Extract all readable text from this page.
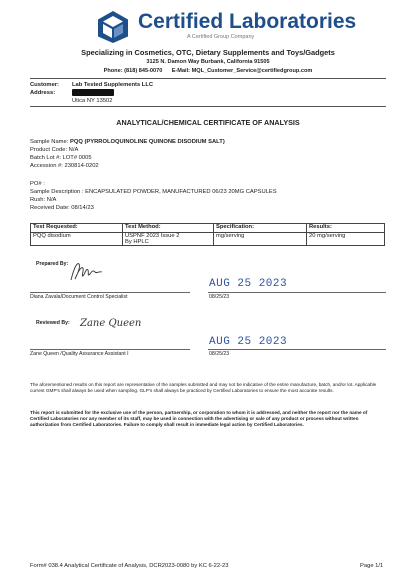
Certified Laboratories
A Certified Group Company
Specializing in Cosmetics, OTC, Dietary Supplements and Toys/Gadgets
3125 N. Damon Way Burbank, California 91505
Phone: (818) 845-0070      E-Mail: MQL_Customer_Service@certifiedgroup.com
Customer: Lab Tested Supplements LLC
Address:
Utica NY 13502
ANALYTICAL/CHEMICAL CERTIFICATE OF ANALYSIS
Sample Name: PQQ (PYRROLOQUINOLINE QUINONE DISODIUM SALT)
Product Code: N/A
Batch Lot #: LOT# 0005
Accession #: 230814-0202
PO# :
Sample Description : ENCAPSULATED POWDER, MANUFACTURED 06/23 20MG CAPSULES
Rush: N/A
Received Date: 08/14/23
Test Requested:	Test Method:	Specification:	Results:
PQQ disodium	USPNF 2023 Issue 2
By HPLC	mg/serving	20 mg/serving
Prepared By:
AUG 25 2023
Diana Zavala/Document Control Specialist	08/25/23
Reviewed By: Zane Queen
AUG 25 2023
Zane Queen /Quality Assurance Assistant I	08/25/23
The aforementioned results on this report are representative of the samples submitted and may not be indicative of the entire manufacture, batch, and/or lot. Applicable current GMP's shall always be used when sampling. GLP's shall always be practiced by Certified Laboratories to ensure the most accurate results.
This report is submitted for the exclusive use of the person, partnership, or corporation to whom it is addressed, and neither the report nor the name of Certified Laboratories nor any member of its staff, may be used in connection with the advertising or sale of any product or process without written authorization from Certified Laboratories. Failure to comply shall result in immediate legal action by Certified Laboratories.
Form# 038.4 Analytical Certificate of Analysis, DCR2023-0080 by KC 6-22-23	Page 1/1
